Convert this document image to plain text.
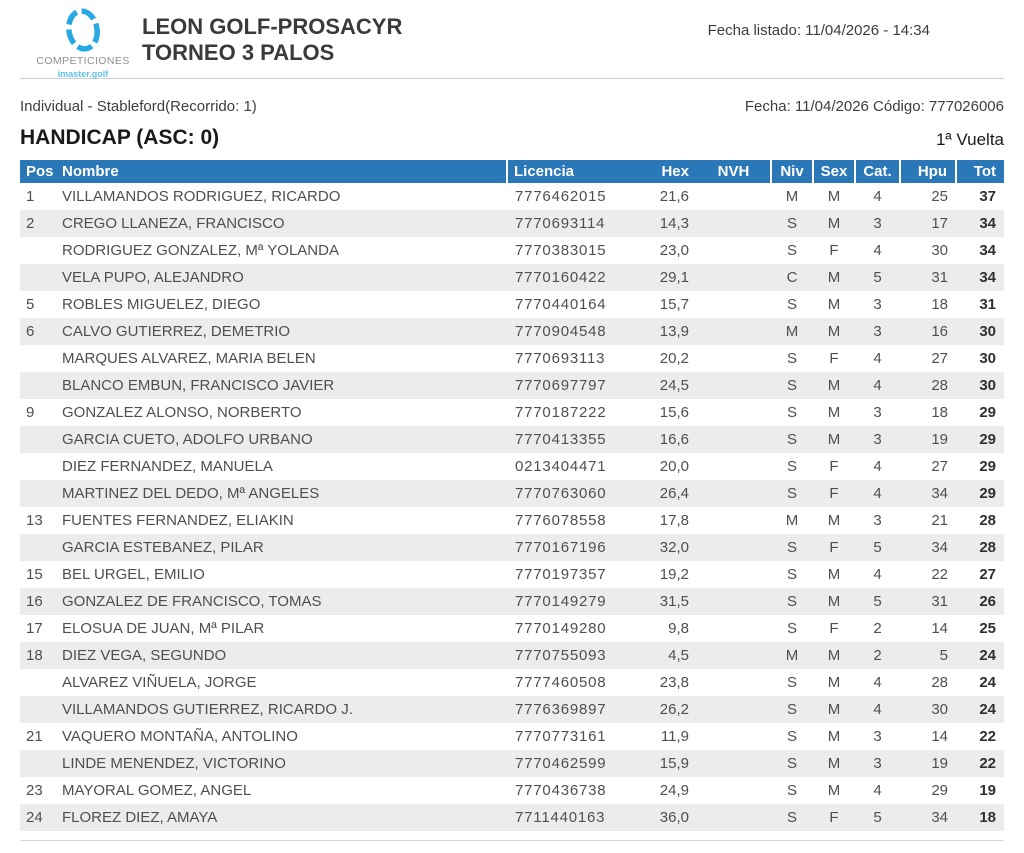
COMPETICIONES
imaster.golf
LEON GOLF-PROSACYR
TORNEO 3 PALOS
Fecha listado: 11/04/2026 - 14:34
Individual - Stableford(Recorrido: 1)	Fecha: 11/04/2026 Código: 777026006
HANDICAP (ASC: 0)	1ª Vuelta
Pos	Nombre	Licencia	Hex	NVH	Niv	Sex	Cat.	Hpu	Tot
1	VILLAMANDOS RODRIGUEZ, RICARDO	7776462015	21,6		M	M	4	25	37
2	CREGO LLANEZA, FRANCISCO	7770693114	14,3		S	M	3	17	34
	RODRIGUEZ GONZALEZ, Mª YOLANDA	7770383015	23,0		S	F	4	30	34
	VELA PUPO, ALEJANDRO	7770160422	29,1		C	M	5	31	34
5	ROBLES MIGUELEZ, DIEGO	7770440164	15,7		S	M	3	18	31
6	CALVO GUTIERREZ, DEMETRIO	7770904548	13,9		M	M	3	16	30
	MARQUES ALVAREZ, MARIA BELEN	7770693113	20,2		S	F	4	27	30
	BLANCO EMBUN, FRANCISCO JAVIER	7770697797	24,5		S	M	4	28	30
9	GONZALEZ ALONSO, NORBERTO	7770187222	15,6		S	M	3	18	29
	GARCIA CUETO, ADOLFO URBANO	7770413355	16,6		S	M	3	19	29
	DIEZ FERNANDEZ, MANUELA	0213404471	20,0		S	F	4	27	29
	MARTINEZ DEL DEDO, Mª ANGELES	7770763060	26,4		S	F	4	34	29
13	FUENTES FERNANDEZ, ELIAKIN	7776078558	17,8		M	M	3	21	28
	GARCIA ESTEBANEZ, PILAR	7770167196	32,0		S	F	5	34	28
15	BEL URGEL, EMILIO	7770197357	19,2		S	M	4	22	27
16	GONZALEZ DE FRANCISCO, TOMAS	7770149279	31,5		S	M	5	31	26
17	ELOSUA DE JUAN, Mª PILAR	7770149280	9,8		S	F	2	14	25
18	DIEZ VEGA, SEGUNDO	7770755093	4,5		M	M	2	5	24
	ALVAREZ VIÑUELA, JORGE	7777460508	23,8		S	M	4	28	24
	VILLAMANDOS GUTIERREZ, RICARDO J.	7776369897	26,2		S	M	4	30	24
21	VAQUERO MONTAÑA, ANTOLINO	7770773161	11,9		S	M	3	14	22
	LINDE MENENDEZ, VICTORINO	7770462599	15,9		S	M	3	19	22
23	MAYORAL GOMEZ, ANGEL	7770436738	24,9		S	M	4	29	19
24	FLOREZ DIEZ, AMAYA	7711440163	36,0		S	F	5	34	18
